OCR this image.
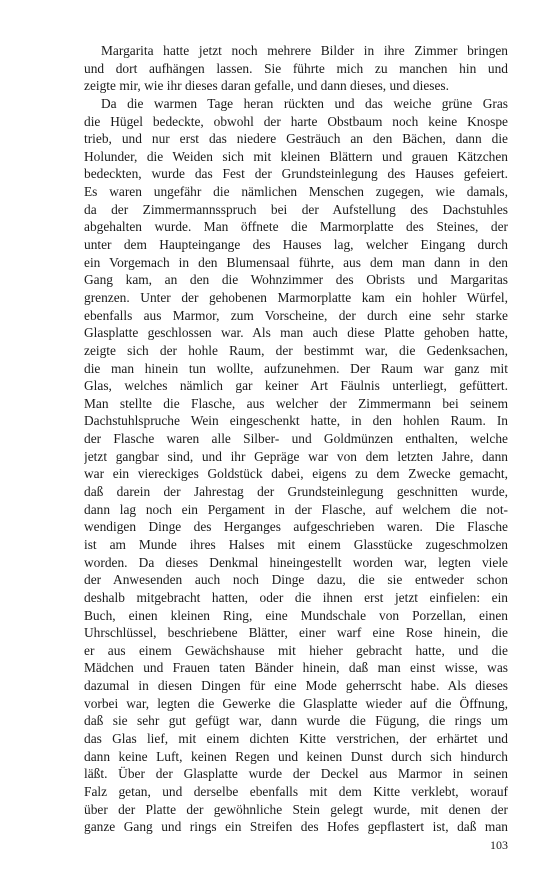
Margarita hatte jetzt noch mehrere Bilder in ihre Zimmer bringen
und dort aufhängen lassen. Sie führte mich zu manchen hin und
zeigte mir, wie ihr dieses daran gefalle, und dann dieses, und dieses.
Da die warmen Tage heran rückten und das weiche grüne Gras
die Hügel bedeckte, obwohl der harte Obstbaum noch keine Knospe
trieb, und nur erst das niedere Gesträuch an den Bächen, dann die
Holunder, die Weiden sich mit kleinen Blättern und grauen Kätzchen
bedeckten, wurde das Fest der Grundsteinlegung des Hauses gefeiert.
Es waren ungefähr die nämlichen Menschen zugegen, wie damals,
da der Zimmermannsspruch bei der Aufstellung des Dachstuhles
abgehalten wurde. Man öffnete die Marmorplatte des Steines, der
unter dem Haupteingange des Hauses lag, welcher Eingang durch
ein Vorgemach in den Blumensaal führte, aus dem man dann in den
Gang kam, an den die Wohnzimmer des Obrists und Margaritas
grenzen. Unter der gehobenen Marmorplatte kam ein hohler Würfel,
ebenfalls aus Marmor, zum Vorscheine, der durch eine sehr starke
Glasplatte geschlossen war. Als man auch diese Platte gehoben hatte,
zeigte sich der hohle Raum, der bestimmt war, die Gedenksachen,
die man hinein tun wollte, aufzunehmen. Der Raum war ganz mit
Glas, welches nämlich gar keiner Art Fäulnis unterliegt, gefüttert.
Man stellte die Flasche, aus welcher der Zimmermann bei seinem
Dachstuhlspruche Wein eingeschenkt hatte, in den hohlen Raum. In
der Flasche waren alle Silber- und Goldmünzen enthalten, welche
jetzt gangbar sind, und ihr Gepräge war von dem letzten Jahre, dann
war ein viereckiges Goldstück dabei, eigens zu dem Zwecke gemacht,
daß darein der Jahrestag der Grundsteinlegung geschnitten wurde,
dann lag noch ein Pergament in der Flasche, auf welchem die not-
wendigen Dinge des Herganges aufgeschrieben waren. Die Flasche
ist am Munde ihres Halses mit einem Glasstücke zugeschmolzen
worden. Da dieses Denkmal hineingestellt worden war, legten viele
der Anwesenden auch noch Dinge dazu, die sie entweder schon
deshalb mitgebracht hatten, oder die ihnen erst jetzt einfielen: ein
Buch, einen kleinen Ring, eine Mundschale von Porzellan, einen
Uhrschlüssel, beschriebene Blätter, einer warf eine Rose hinein, die
er aus einem Gewächshause mit hieher gebracht hatte, und die
Mädchen und Frauen taten Bänder hinein, daß man einst wisse, was
dazumal in diesen Dingen für eine Mode geherrscht habe. Als dieses
vorbei war, legten die Gewerke die Glasplatte wieder auf die Öffnung,
daß sie sehr gut gefügt war, dann wurde die Fügung, die rings um
das Glas lief, mit einem dichten Kitte verstrichen, der erhärtet und
dann keine Luft, keinen Regen und keinen Dunst durch sich hindurch
läßt. Über der Glasplatte wurde der Deckel aus Marmor in seinen
Falz getan, und derselbe ebenfalls mit dem Kitte verklebt, worauf
über der Platte der gewöhnliche Stein gelegt wurde, mit denen der
ganze Gang und rings ein Streifen des Hofes gepflastert ist, daß man
103
